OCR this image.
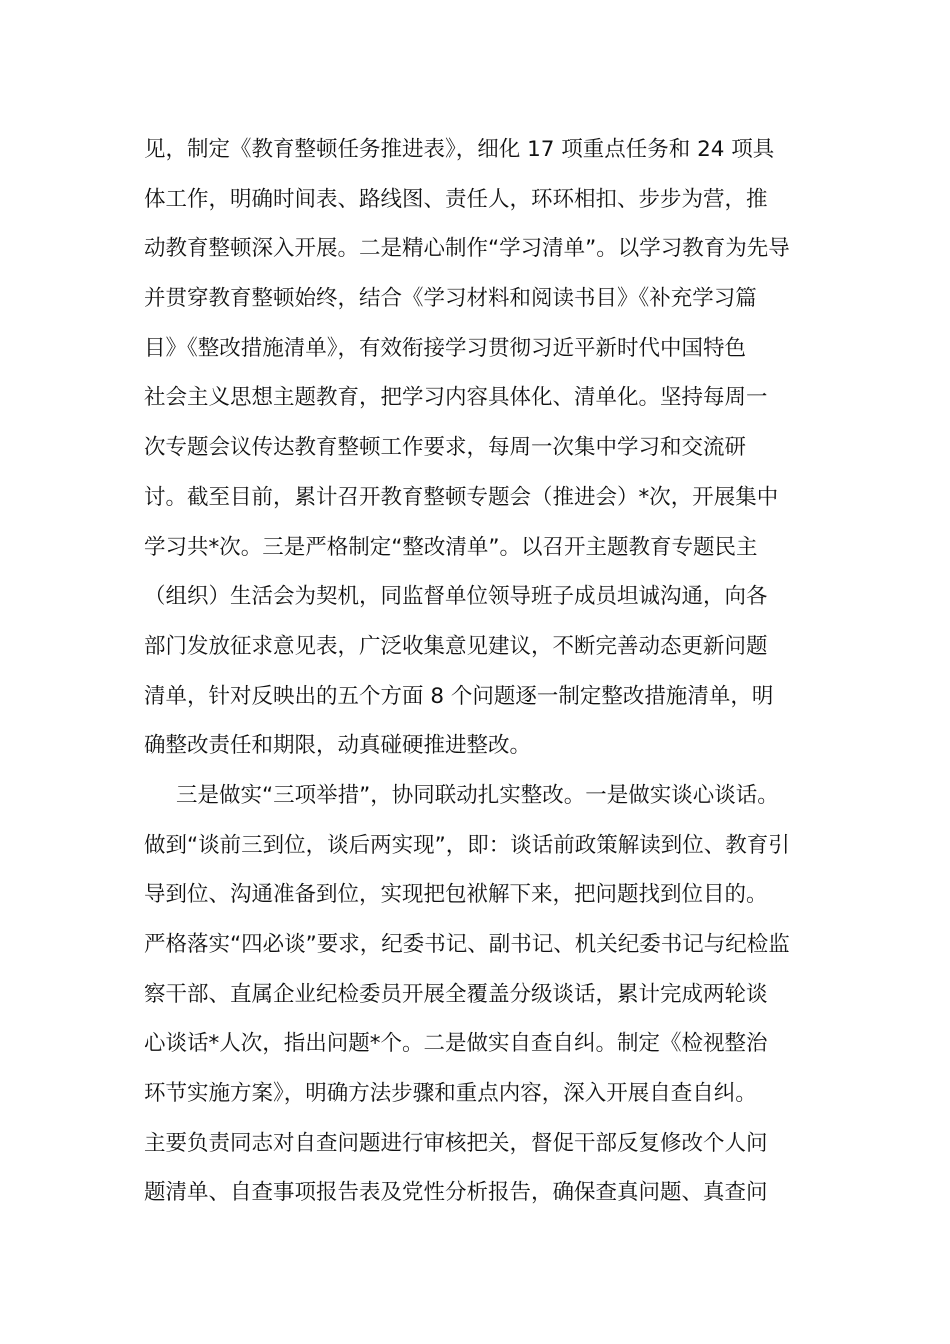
见，制定《教育整顿任务推进表》，细化 17 项重点任务和 24 项具
体工作，明确时间表、路线图、责任人，环环相扣、步步为营，推
动教育整顿深入开展。二是精心制作“学习清单”。以学习教育为先导
并贯穿教育整顿始终，结合《学习材料和阅读书目》《补充学习篇
目》《整改措施清单》，有效衔接学习贯彻习近平新时代中国特色
社会主义思想主题教育，把学习内容具体化、清单化。坚持每周一
次专题会议传达教育整顿工作要求，每周一次集中学习和交流研
讨。截至目前，累计召开教育整顿专题会（推进会）*次，开展集中
学习共*次。三是严格制定“整改清单”。以召开主题教育专题民主
（组织）生活会为契机，同监督单位领导班子成员坦诚沟通，向各
部门发放征求意见表，广泛收集意见建议，不断完善动态更新问题
清单，针对反映出的五个方面 8 个问题逐一制定整改措施清单，明
确整改责任和期限，动真碰硬推进整改。
三是做实“三项举措”，协同联动扎实整改。一是做实谈心谈话。
做到“谈前三到位，谈后两实现”，即：谈话前政策解读到位、教育引
导到位、沟通准备到位，实现把包袱解下来，把问题找到位目的。
严格落实“四必谈”要求，纪委书记、副书记、机关纪委书记与纪检监
察干部、直属企业纪检委员开展全覆盖分级谈话，累计完成两轮谈
心谈话*人次，指出问题*个。二是做实自查自纠。制定《检视整治
环节实施方案》，明确方法步骤和重点内容，深入开展自查自纠。
主要负责同志对自查问题进行审核把关，督促干部反复修改个人问
题清单、自查事项报告表及党性分析报告，确保查真问题、真查问
